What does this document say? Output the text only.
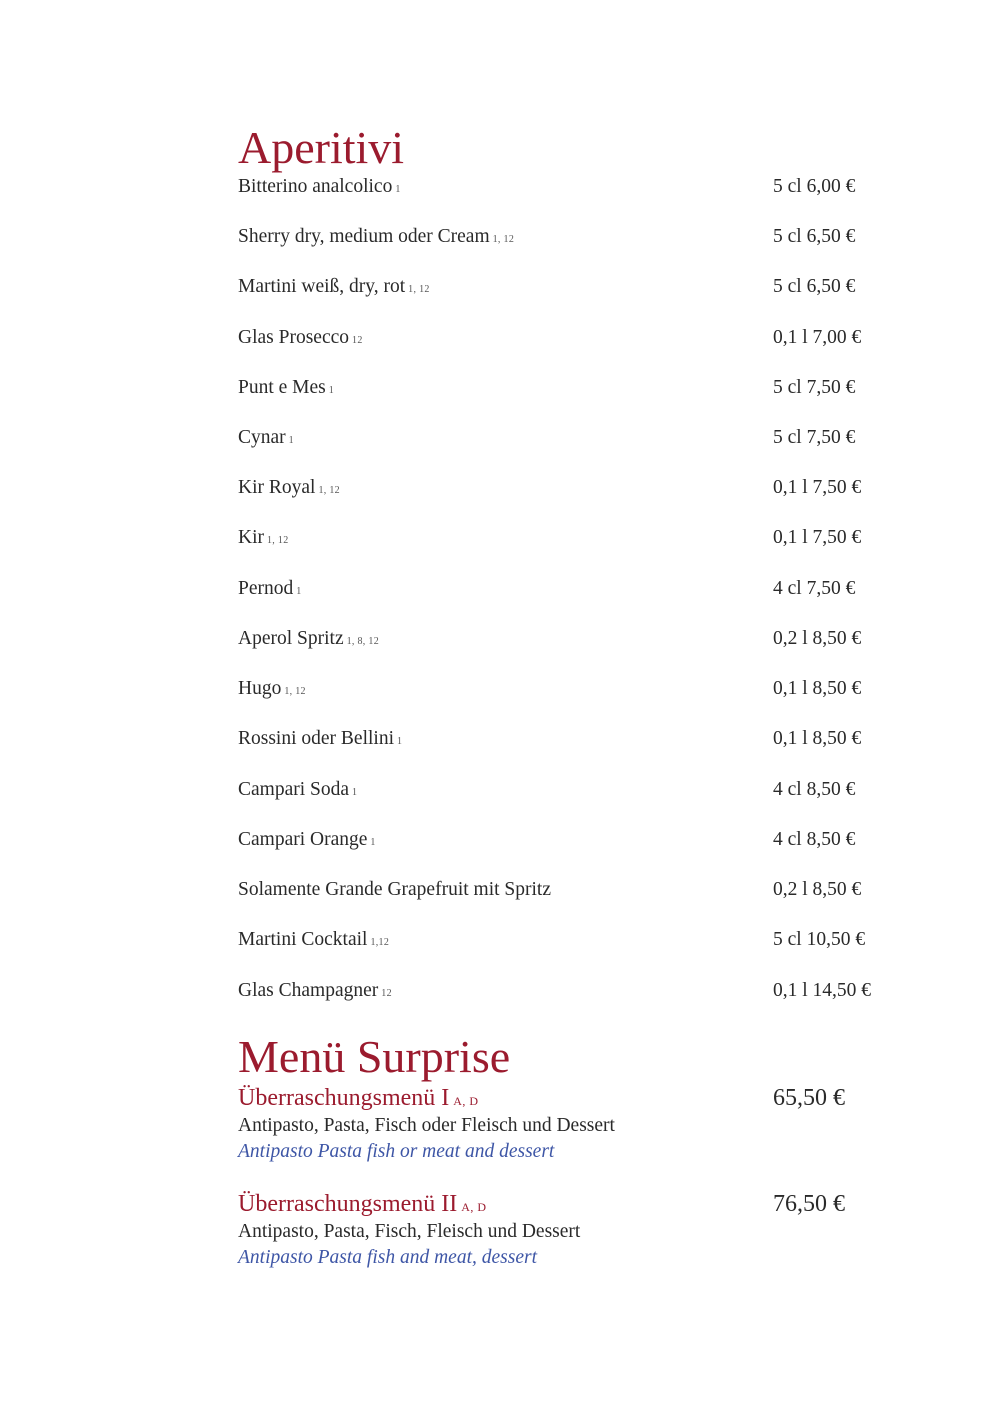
Aperitivi
Bitterino analcolico 1	5 cl 6,00 €
Sherry dry, medium oder Cream 1, 12	5 cl 6,50 €
Martini weiß, dry, rot 1, 12	5 cl 6,50 €
Glas Prosecco 12	0,1 l 7,00 €
Punt e Mes 1	5 cl 7,50 €
Cynar 1	5 cl 7,50 €
Kir Royal 1, 12	0,1 l 7,50 €
Kir 1, 12	0,1 l 7,50 €
Pernod 1	4 cl 7,50 €
Aperol Spritz 1, 8, 12	0,2 l 8,50 €
Hugo 1, 12	0,1 l 8,50 €
Rossini oder Bellini 1	0,1 l 8,50 €
Campari Soda 1	4 cl 8,50 €
Campari Orange 1	4 cl 8,50 €
Solamente Grande Grapefruit mit Spritz	0,2 l 8,50 €
Martini Cocktail 1,12	5 cl 10,50 €
Glas Champagner 12	0,1 l 14,50 €
Menü Surprise
Überraschungsmenü I A, D	65,50 €
Antipasto, Pasta, Fisch oder Fleisch und Dessert
Antipasto Pasta fish or meat and dessert
Überraschungsmenü II A, D	76,50 €
Antipasto, Pasta, Fisch, Fleisch und Dessert
Antipasto Pasta fish and meat, dessert
